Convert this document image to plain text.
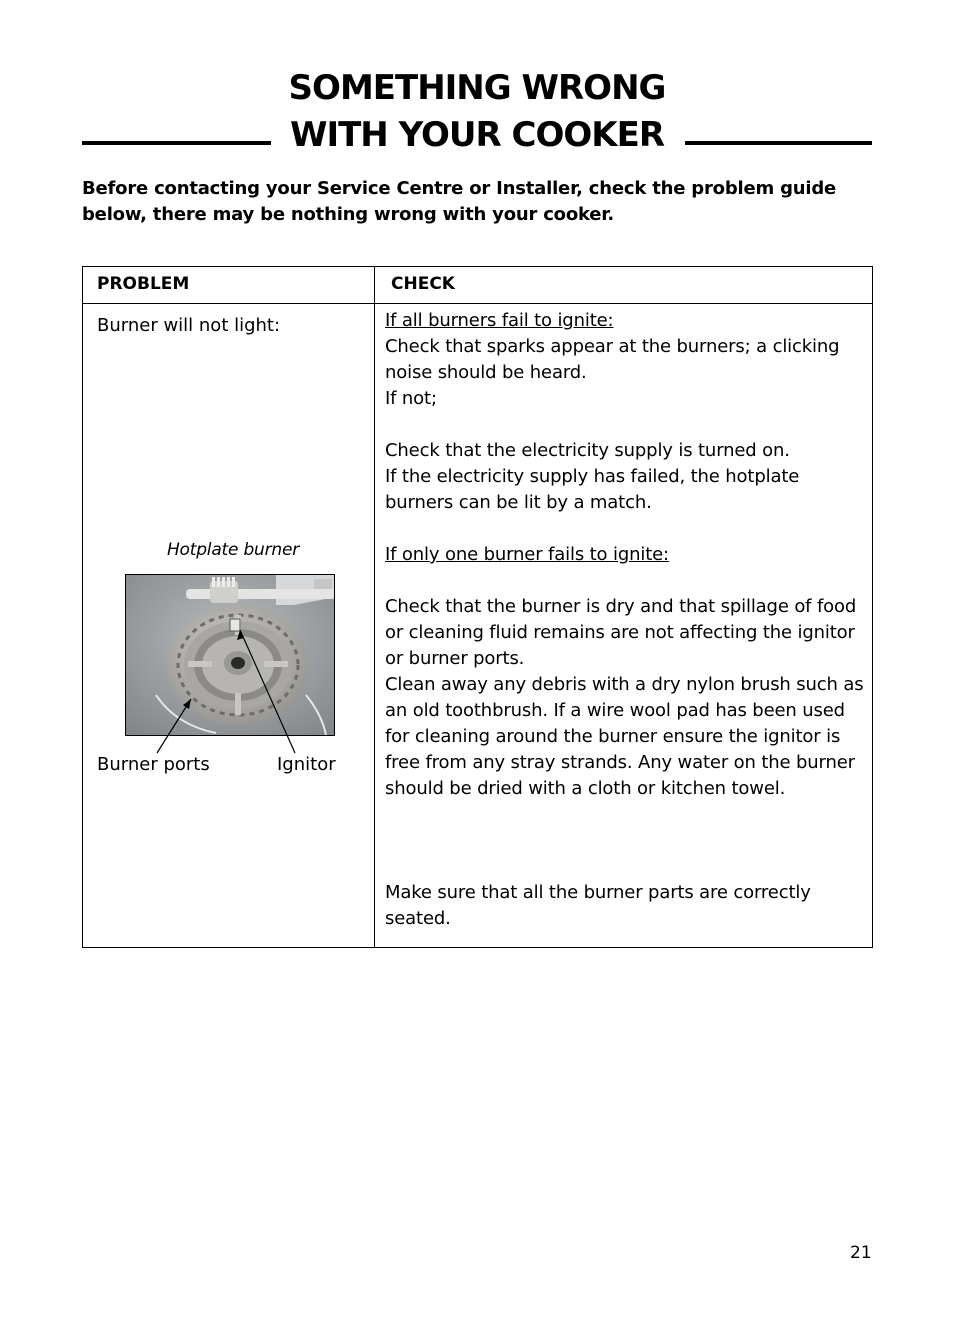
SOMETHING WRONG
WITH YOUR COOKER
Before contacting your Service Centre or Installer, check the problem guide below, there may be nothing wrong with your cooker.
PROBLEM	CHECK
Burner will not light:
Hotplate burner
Burner ports	Ignitor

If all burners fail to ignite:

Check that sparks appear at the burners; a clicking noise should be heard.

If not;

Check that the electricity supply is turned on.

If the electricity supply has failed, the hotplate burners can be lit by a match.

If only one burner fails to ignite:

Check that the burner is dry and that spillage of food or cleaning fluid remains are not affecting the ignitor or burner ports.

Clean away any debris with a dry nylon brush such as an old toothbrush. If a wire wool pad has been used for cleaning around the burner ensure the ignitor is free from any stray strands. Any water on the burner should be dried with a cloth or kitchen towel.

Make sure that all the burner parts are correctly seated.

21
